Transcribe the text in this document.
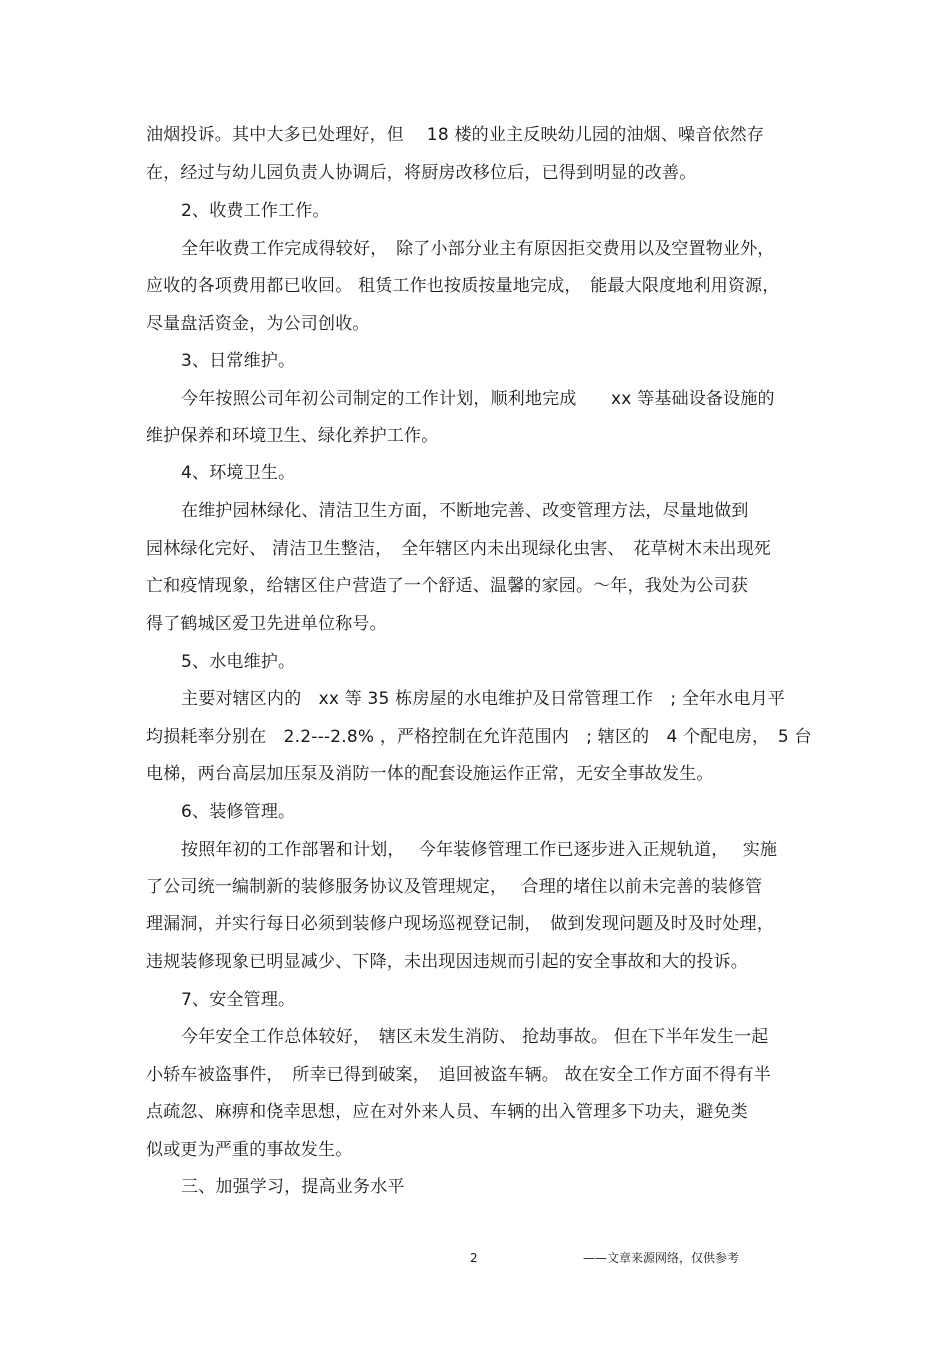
油烟投诉。其中大多已处理好，但　 18 楼的业主反映幼儿园的油烟、噪音依然存
在，经过与幼儿园负责人协调后，将厨房改移位后，已得到明显的改善。
2、收费工作工作。
全年收费工作完成得较好，　除了小部分业主有原因拒交费用以及空置物业外，
应收的各项费用都已收回。 租赁工作也按质按量地完成，　能最大限度地利用资源，
尽量盘活资金，为公司创收。
3、日常维护。
今年按照公司年初公司制定的工作计划，顺利地完成　　xx 等基础设备设施的
维护保养和环境卫生、绿化养护工作。
4、环境卫生。
在维护园林绿化、清洁卫生方面，不断地完善、改变管理方法，尽量地做到
园林绿化完好、 清洁卫生整洁，　全年辖区内未出现绿化虫害、　花草树木未出现死
亡和疫情现象，给辖区住户营造了一个舒适、温馨的家园。～年，我处为公司获
得了鹤城区爱卫先进单位称号。
5、水电维护。
主要对辖区内的　xx 等 35 栋房屋的水电维护及日常管理工作　; 全年水电月平
均损耗率分别在　2.2---2.8% ，严格控制在允许范围内　; 辖区的　4 个配电房，　5 台
电梯，两台高层加压泵及消防一体的配套设施运作正常，无安全事故发生。
6、装修管理。
按照年初的工作部署和计划，　 今年装修管理工作已逐步进入正规轨道，　 实施
了公司统一编制新的装修服务协议及管理规定，　 合理的堵住以前未完善的装修管
理漏洞，并实行每日必须到装修户现场巡视登记制，　做到发现问题及时及时处理，
违规装修现象已明显减少、下降，未出现因违规而引起的安全事故和大的投诉。
7、安全管理。
今年安全工作总体较好，　辖区未发生消防、 抢劫事故。 但在下半年发生一起
小轿车被盗事件，　所幸已得到破案，　追回被盗车辆。 故在安全工作方面不得有半
点疏忽、麻痹和侥幸思想，应在对外来人员、车辆的出入管理多下功夫，避免类
似或更为严重的事故发生。
三、加强学习，提高业务水平
2	——文章来源网络，仅供参考
